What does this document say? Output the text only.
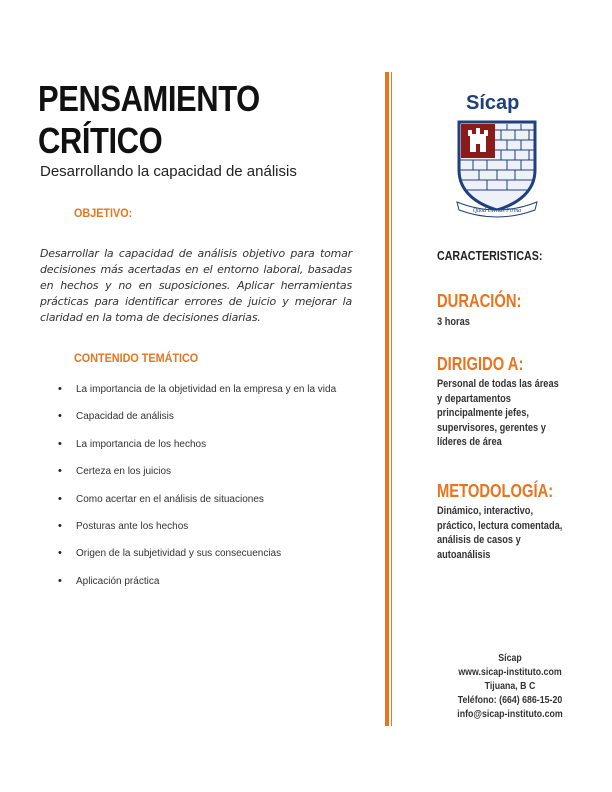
PENSAMIENTO
CRÍTICO
Desarrollando la capacidad de análisis
OBJETIVO:
Desarrollar la capacidad de análisis objetivo para tomar decisiones más acertadas en el entorno laboral, basadas en hechos y no en suposiciones. Aplicar herramientas prácticas para identificar errores de juicio y mejorar la claridad en la toma de decisiones diarias.
CONTENIDO TEMÁTICO
• La importancia de la objetividad en la empresa y en la vida
• Capacidad de análisis
• La importancia de los hechos
• Certeza en los juicios
• Como acertar en el análisis de situaciones
• Posturas ante los hechos
• Origen de la subjetividad y sus consecuencias
• Aplicación práctica
Sícap
Quod Civitas Firma
CARACTERISTICAS:
DURACIÓN:
3 horas
DIRIGIDO A:
Personal de todas las áreas y departamentos principalmente jefes, supervisores, gerentes y líderes de área
METODOLOGÍA:
Dinámico, interactivo, práctico, lectura comentada, análisis de casos y autoanálisis
Sícap
www.sicap-instituto.com
Tijuana, B C
Teléfono: (664) 686-15-20
info@sicap-instituto.com
